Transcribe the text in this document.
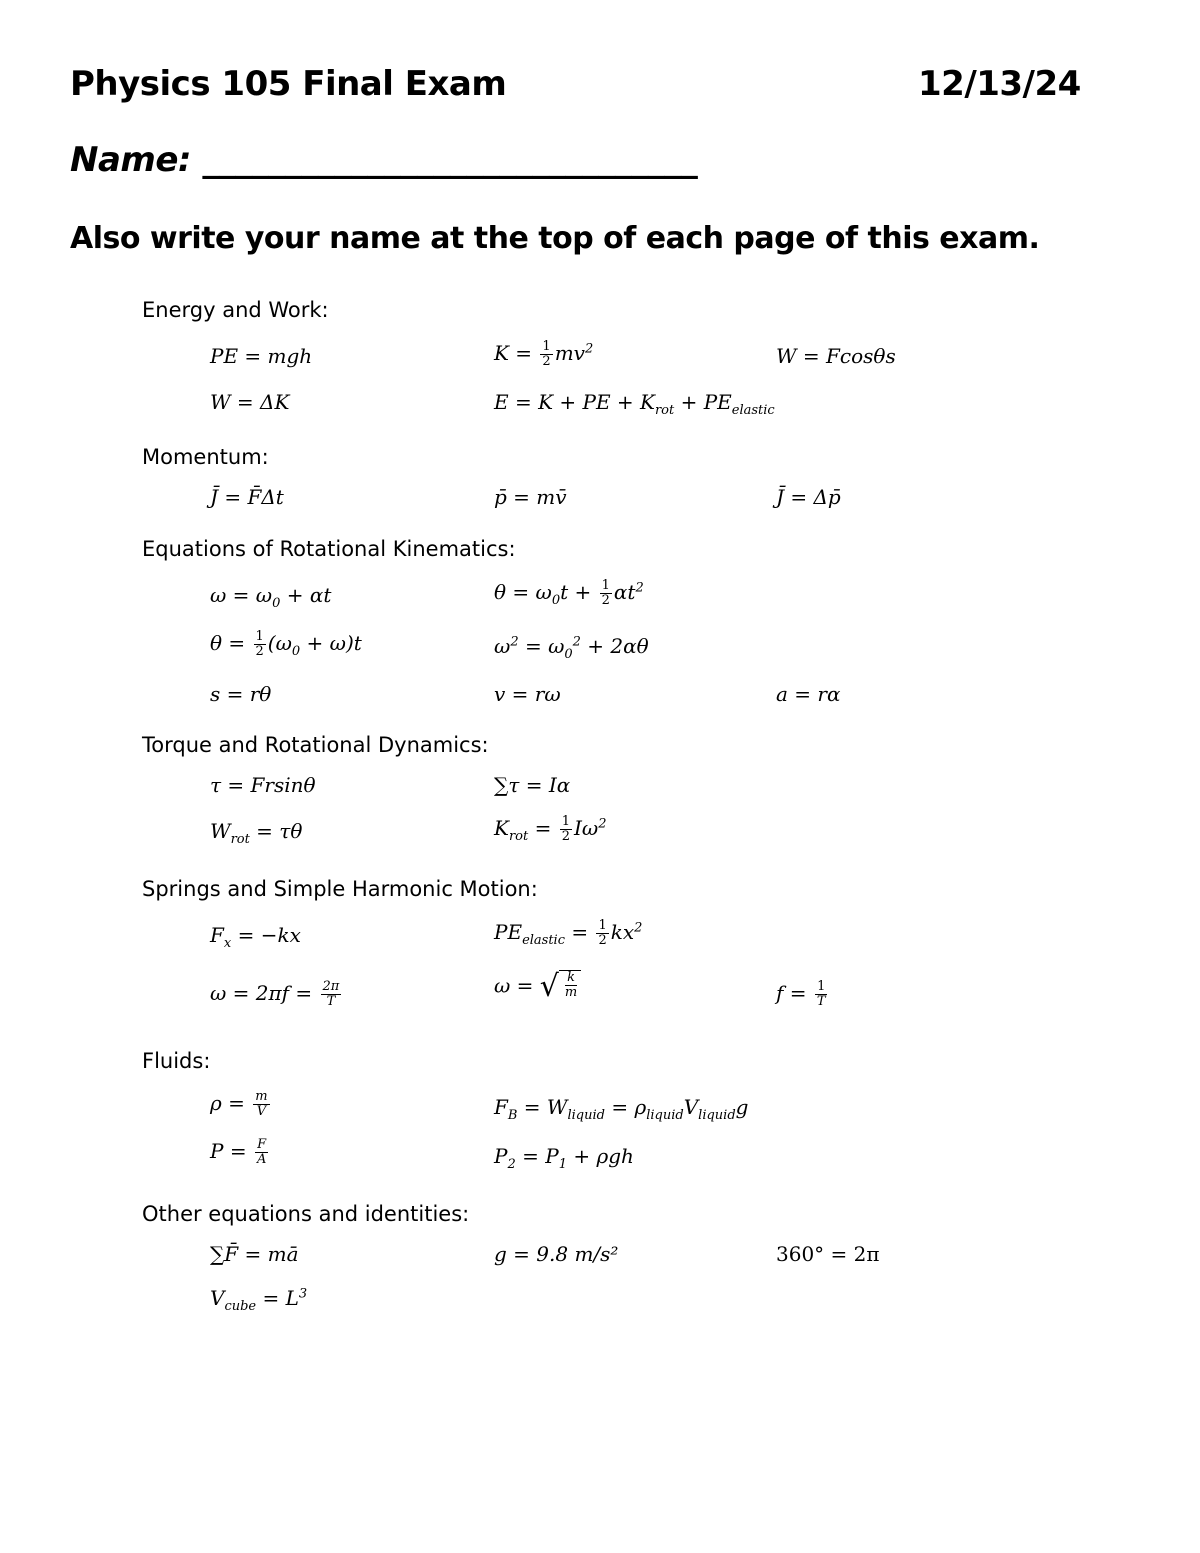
Physics 105 Final Exam	12/13/24
Name: ______________________________
Also write your name at the top of each page of this exam.
Energy and Work:
PE = mgh	$K = \frac{1}{2} mv^2$	W = Fcosθs
W = ΔK	E = K + PE + $K_{rot} + PE_{elastic}$
Momentum:
J̄ = F̄Δt	p̄ = mv̄	J̄ = Δp̄
Equations of Rotational Kinematics:
$\omega = \omega_0 + \alpha t$	$\theta = \omega_0t + \frac{1}{2} \alpha t^2$
$\theta = \frac{1}{2} (\omega_0 + \omega)t$	$\omega^2 = \omega_0^2 + 2\alpha\theta$
s = rθ	v = rω	a = rα
Torque and Rotational Dynamics:
τ = Frsinθ	∑τ = Iα
$W_{rot} = \tau\theta$	$K_{rot} = \frac{1}{2} I\omega^2$
Springs and Simple Harmonic Motion:
$F_x = -kx$	$PE_{elastic} = \frac{1}{2} kx^2$
$\omega = 2\pi f = \frac{2\pi}{T}$	ω = √ $\frac{k}{m}$	$f = \frac{1}{T}$
Fluids:
$\rho = \frac{m}{V}$	$F_B = W_{liquid} = \rho_{liquid}V_{liquid}g$
$P = \frac{F}{A}$	$P_2 = P_1 + \rho gh$
Other equations and identities:
∑F̄ = mā	g = 9.8 m/s²	360° = 2π
$V_{cube} = L^3$
